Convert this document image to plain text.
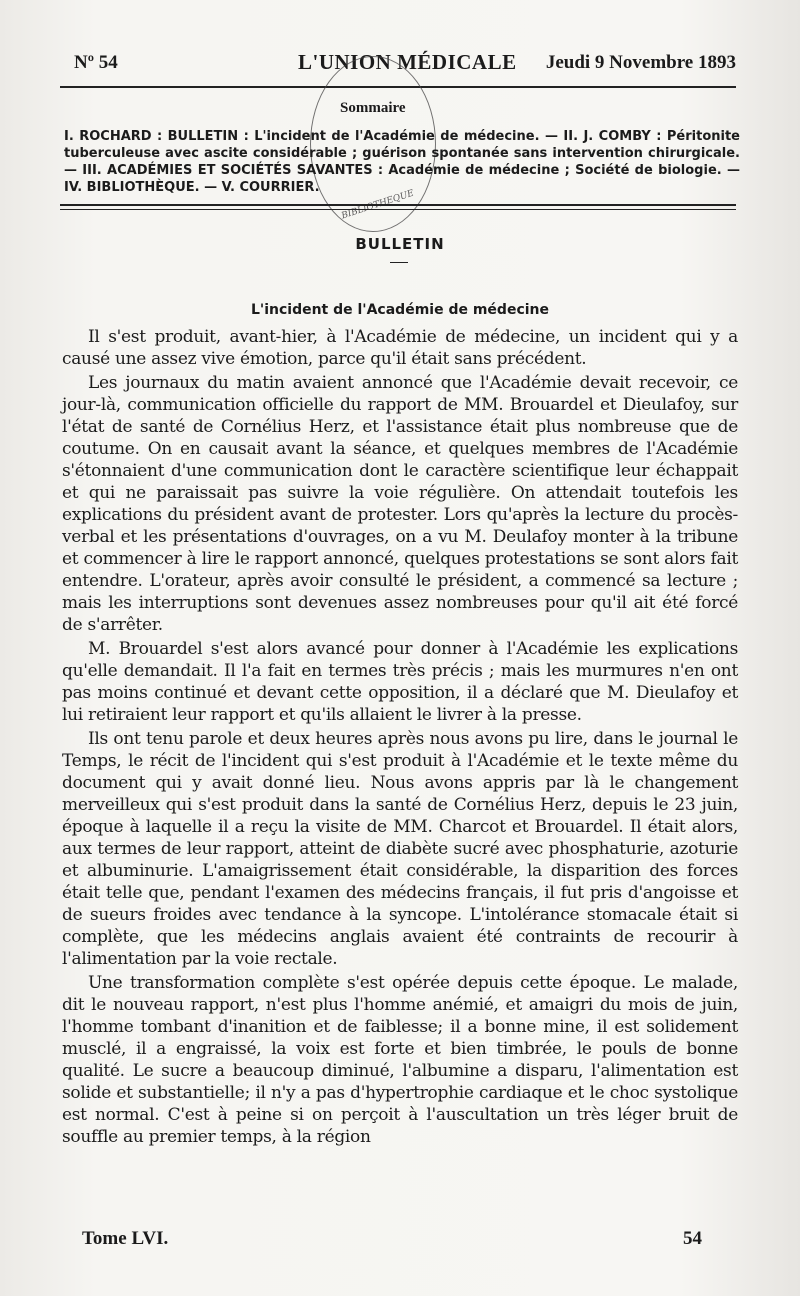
Nº 54	L'UNION MÉDICALE Jeudi 9 Novembre 1893
BIBLIOTHEQUE
Sommaire
I. ROCHARD : BULLETIN : L'incident de l'Académie de médecine. — II. J. COMBY : Péritonite tuberculeuse avec ascite considérable ; guérison spontanée sans intervention chirurgicale. — III. ACADÉMIES ET SOCIÉTÉS SAVANTES : Académie de médecine ; Société de biologie. — IV. BIBLIOTHÈQUE. — V. COURRIER.
BULLETIN
L'incident de l'Académie de médecine

Il s'est produit, avant-hier, à l'Académie de médecine, un incident qui y a causé une assez vive émotion, parce qu'il était sans précédent.

Les journaux du matin avaient annoncé que l'Académie devait recevoir, ce jour-là, communication officielle du rapport de MM. Brouardel et Dieulafoy, sur l'état de santé de Cornélius Herz, et l'assistance était plus nombreuse que de coutume. On en causait avant la séance, et quelques membres de l'Académie s'étonnaient d'une communication dont le caractère scientifique leur échappait et qui ne paraissait pas suivre la voie régulière. On attendait toutefois les explications du président avant de protester. Lors qu'après la lecture du procès-verbal et les présentations d'ouvrages, on a vu M. Deulafoy monter à la tribune et commencer à lire le rapport annoncé, quelques protestations se sont alors fait entendre. L'orateur, après avoir consulté le président, a commencé sa lecture ; mais les interruptions sont devenues assez nombreuses pour qu'il ait été forcé de s'arrêter.

M. Brouardel s'est alors avancé pour donner à l'Académie les explications qu'elle demandait. Il l'a fait en termes très précis ; mais les murmures n'en ont pas moins continué et devant cette opposition, il a déclaré que M. Dieulafoy et lui retiraient leur rapport et qu'ils allaient le livrer à la presse.

Ils ont tenu parole et deux heures après nous avons pu lire, dans le journal le Temps, le récit de l'incident qui s'est produit à l'Académie et le texte même du document qui y avait donné lieu. Nous avons appris par là le changement merveilleux qui s'est produit dans la santé de Cornélius Herz, depuis le 23 juin, époque à laquelle il a reçu la visite de MM. Charcot et Brouardel. Il était alors, aux termes de leur rapport, atteint de diabète sucré avec phosphaturie, azoturie et albuminurie. L'amaigrissement était considérable, la disparition des forces était telle que, pendant l'examen des médecins français, il fut pris d'angoisse et de sueurs froides avec tendance à la syncope. L'intolérance stomacale était si complète, que les médecins anglais avaient été contraints de recourir à l'alimentation par la voie rectale.

Une transformation complète s'est opérée depuis cette époque. Le malade, dit le nouveau rapport, n'est plus l'homme anémié, et amaigri du mois de juin, l'homme tombant d'inanition et de faiblesse; il a bonne mine, il est solidement musclé, il a engraissé, la voix est forte et bien timbrée, le pouls de bonne qualité. Le sucre a beaucoup diminué, l'albumine a disparu, l'alimentation est solide et substantielle; il n'y a pas d'hypertrophie cardiaque et le choc systolique est normal. C'est à peine si on perçoit à l'auscultation un très léger bruit de souffle au premier temps, à la région

Tome LVI.	54
